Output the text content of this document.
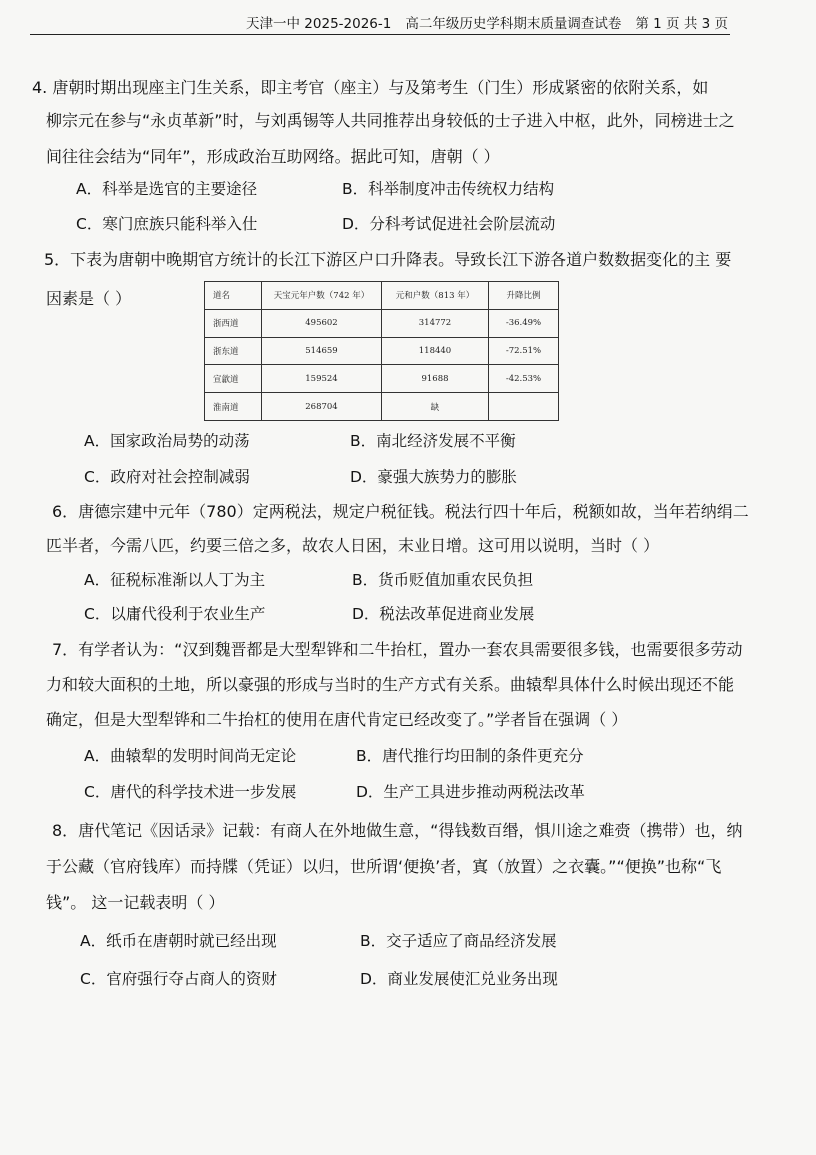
天津一中 2025-2026-1 高二年级历史学科期末质量调查试卷 第 1 页 共 3 页
4. 唐朝时期出现座主门生关系，即主考官（座主）与及第考生（门生）形成紧密的依附关系，如
柳宗元在参与“永贞革新”时，与刘禹锡等人共同推荐出身较低的士子进入中枢，此外，同榜进士之
间往往会结为“同年”，形成政治互助网络。据此可知，唐朝（ ）
A．科举是选官的主要途径	B．科举制度冲击传统权力结构
C．寒门庶族只能科举入仕	D．分科考试促进社会阶层流动
5．下表为唐朝中晚期官方统计的长江下游区户口升降表。导致长江下游各道户数数据变化的主 要
因素是（ ）	道名	天宝元年户数（742 年）	元和户数（813 年）	升降比例
浙西道	495602	314772	-36.49%
浙东道	514659	118440	-72.51%
宣歙道	159524	91688	-42.53%
淮南道	268704	缺	
A．国家政治局势的动荡	B．南北经济发展不平衡
C．政府对社会控制减弱	D．豪强大族势力的膨胀
6．唐德宗建中元年（780）定两税法，规定户税征钱。税法行四十年后，税额如故，当年若纳绢二
匹半者，今需八匹，约要三倍之多，故农人日困，末业日增。这可用以说明，当时（ ）
A．征税标准渐以人丁为主	B．货币贬值加重农民负担
C．以庸代役利于农业生产	D．税法改革促进商业发展
7．有学者认为：“汉到魏晋都是大型犁铧和二牛抬杠，置办一套农具需要很多钱，也需要很多劳动
力和较大面积的土地，所以豪强的形成与当时的生产方式有关系。曲辕犁具体什么时候出现还不能
确定，但是大型犁铧和二牛抬杠的使用在唐代肯定已经改变了。”学者旨在强调（ ）
A．曲辕犁的发明时间尚无定论	B．唐代推行均田制的条件更充分
C．唐代的科学技术进一步发展	D．生产工具进步推动两税法改革
8．唐代笔记《因话录》记载：有商人在外地做生意，“得钱数百缗，惧川途之难赍（携带）也，纳
于公藏（官府钱库）而持牒（凭证）以归，世所谓‘便换’者，寘（放置）之衣囊。”“便换”也称“飞
钱”。 这一记载表明（ ）
A．纸币在唐朝时就已经出现	B．交子适应了商品经济发展
C．官府强行夺占商人的资财	D．商业发展使汇兑业务出现
